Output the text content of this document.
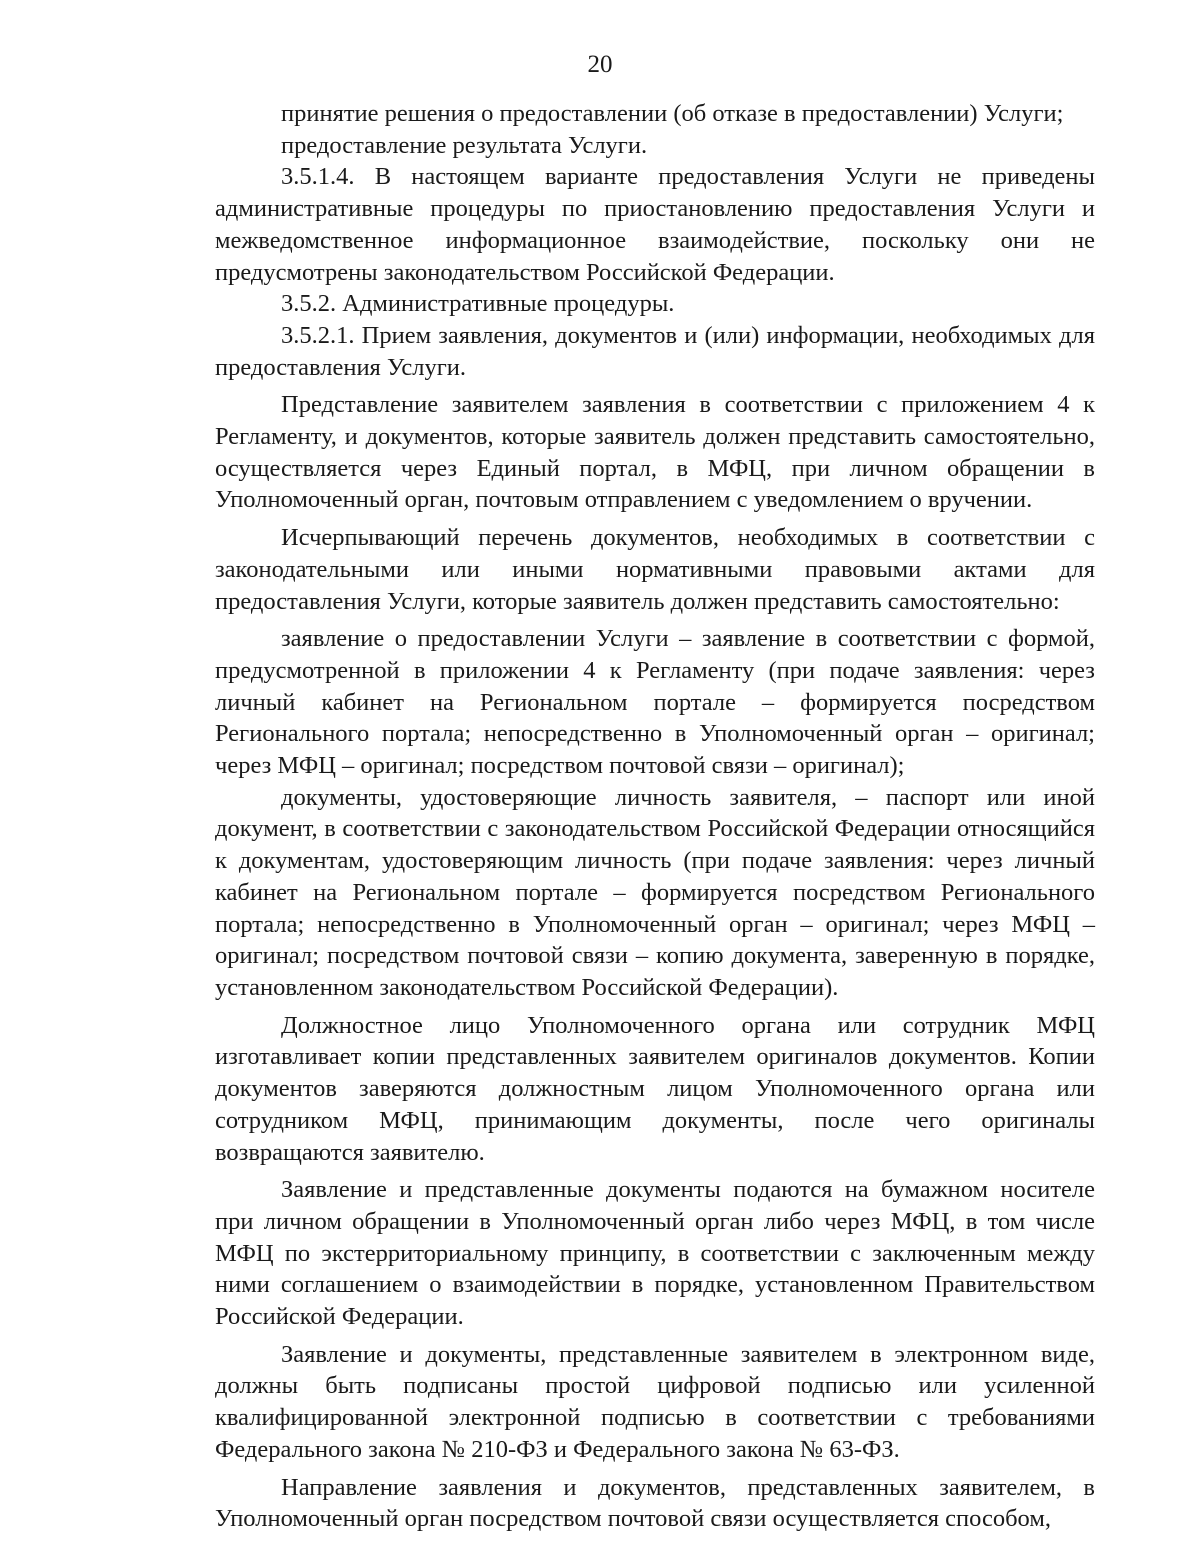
20

принятие решения о предоставлении (об отказе в предоставлении) Услуги;

предоставление результата Услуги.

3.5.1.4. В настоящем варианте предоставления Услуги не приведены административные процедуры по приостановлению предоставления Услуги и межведомственное информационное взаимодействие, поскольку они не предусмотрены законодательством Российской Федерации.

3.5.2. Административные процедуры.

3.5.2.1. Прием заявления, документов и (или) информации, необходимых для предоставления Услуги.

Представление заявителем заявления в соответствии с приложением 4 к Регламенту, и документов, которые заявитель должен представить самостоятельно, осуществляется через Единый портал, в МФЦ, при личном обращении в Уполномоченный орган, почтовым отправлением с уведомлением о вручении.

Исчерпывающий перечень документов, необходимых в соответствии с законодательными или иными нормативными правовыми актами для предоставления Услуги, которые заявитель должен представить самостоятельно:

заявление о предоставлении Услуги – заявление в соответствии с формой, предусмотренной в приложении 4 к Регламенту (при подаче заявления: через личный кабинет на Региональном портале – формируется посредством Регионального портала; непосредственно в Уполномоченный орган – оригинал; через МФЦ – оригинал; посредством почтовой связи – оригинал);

документы, удостоверяющие личность заявителя, – паспорт или иной документ, в соответствии с законодательством Российской Федерации относящийся к документам, удостоверяющим личность (при подаче заявления: через личный кабинет на Региональном портале – формируется посредством Регионального портала; непосредственно в Уполномоченный орган – оригинал; через МФЦ – оригинал; посредством почтовой связи – копию документа, заверенную в порядке, установленном законодательством Российской Федерации).

Должностное лицо Уполномоченного органа или сотрудник МФЦ изготавливает копии представленных заявителем оригиналов документов. Копии документов заверяются должностным лицом Уполномоченного органа или сотрудником МФЦ, принимающим документы, после чего оригиналы возвращаются заявителю.

Заявление и представленные документы подаются на бумажном носителе при личном обращении в Уполномоченный орган либо через МФЦ, в том числе МФЦ по экстерриториальному принципу, в соответствии с заключенным между ними соглашением о взаимодействии в порядке, установленном Правительством Российской Федерации.

Заявление и документы, представленные заявителем в электронном виде, должны быть подписаны простой цифровой подписью или усиленной квалифицированной электронной подписью в соответствии с требованиями Федерального закона № 210-ФЗ и Федерального закона № 63-ФЗ.

Направление заявления и документов, представленных заявителем, в Уполномоченный орган посредством почтовой связи осуществляется способом,
